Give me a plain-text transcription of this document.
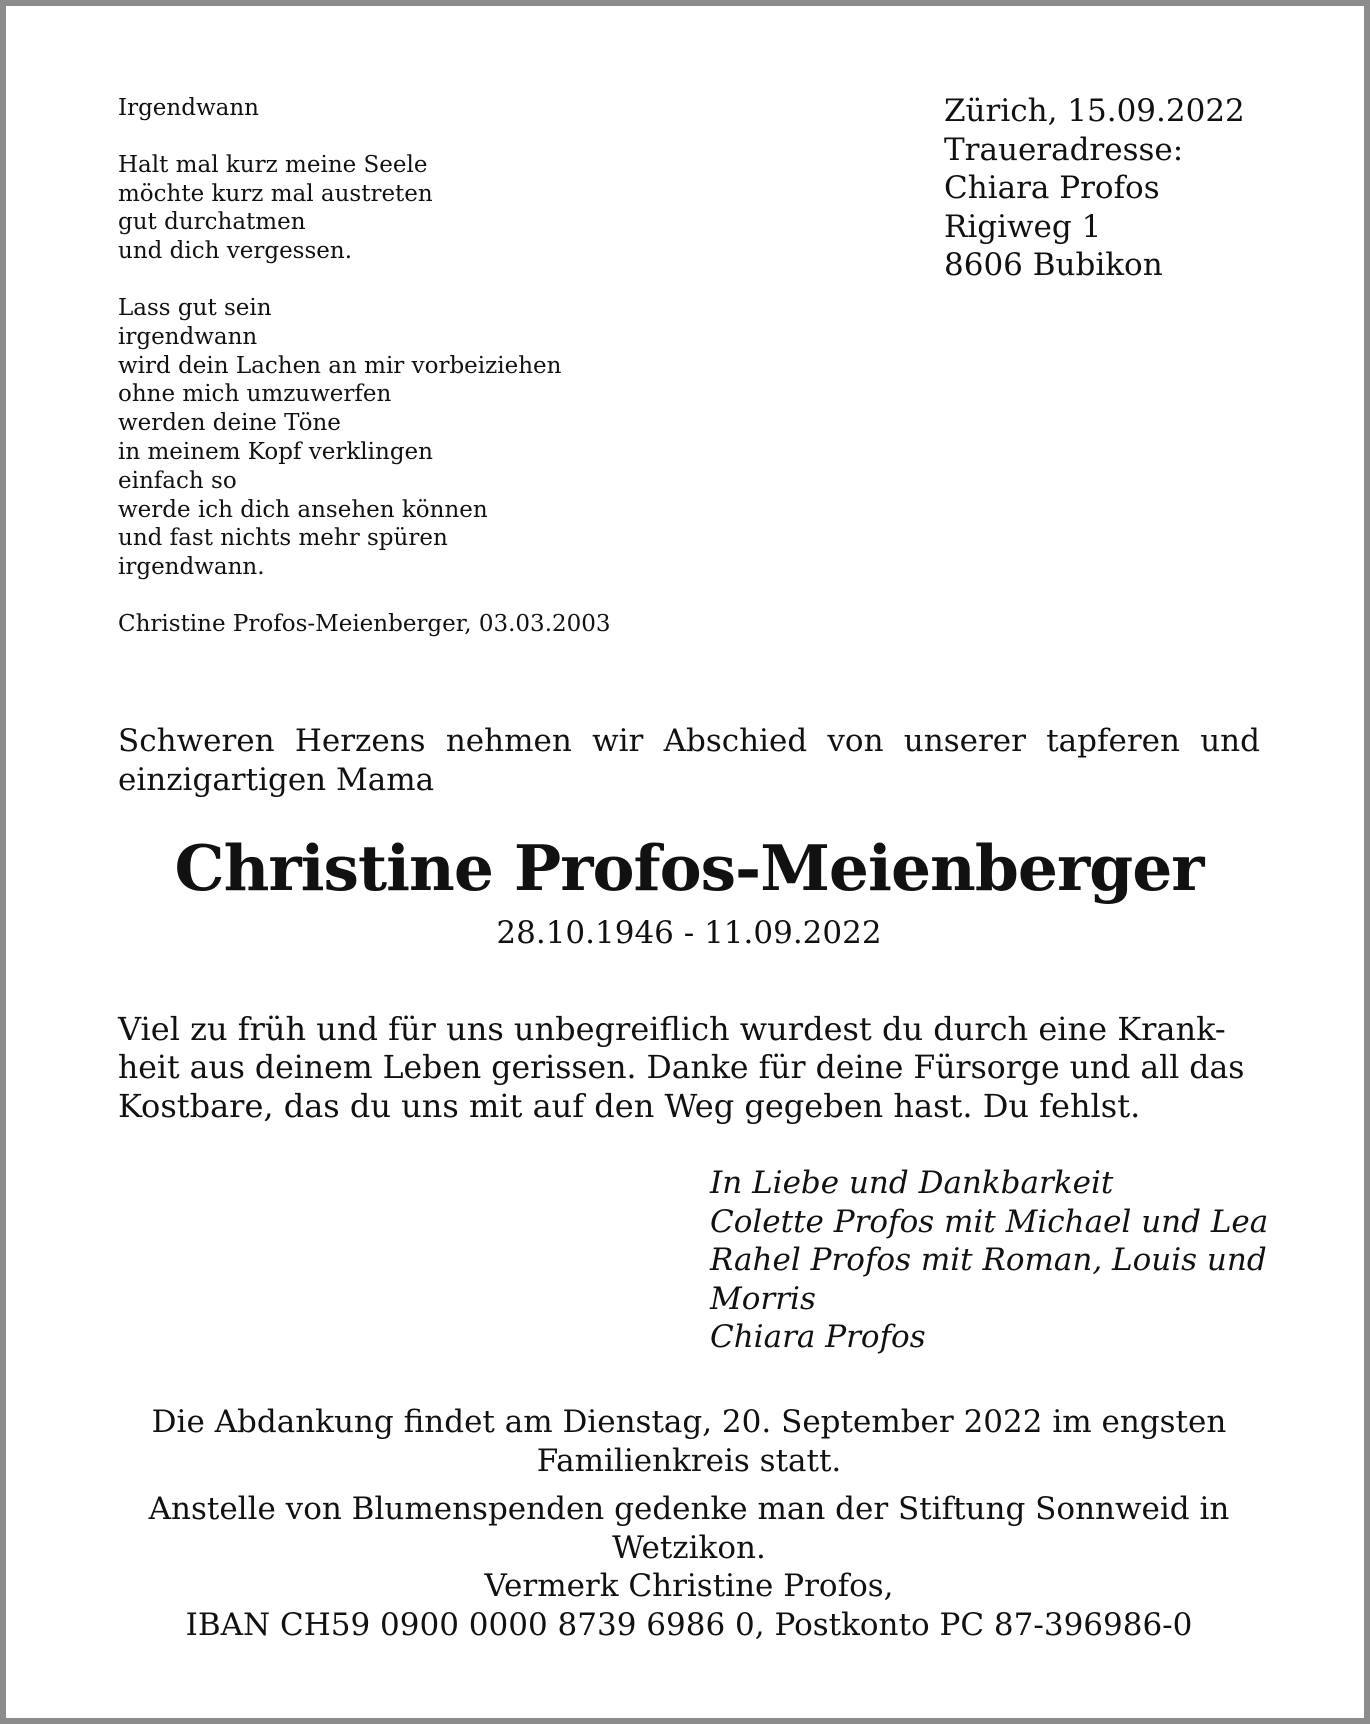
Irgendwann
Halt mal kurz meine Seele
möchte kurz mal austreten
gut durchatmen
und dich vergessen.
Lass gut sein
irgendwann
wird dein Lachen an mir vorbeiziehen
ohne mich umzuwerfen
werden deine Töne
in meinem Kopf verklingen
einfach so
werde ich dich ansehen können
und fast nichts mehr spüren
irgendwann.
Christine Profos-Meienberger, 03.03.2003
Zürich, 15.09.2022
Traueradresse:
Chiara Profos
Rigiweg 1
8606 Bubikon
Schweren Herzens nehmen wir Abschied von unserer tapferen und einzigartigen Mama
Christine Profos-Meienberger
28.10.1946 - 11.09.2022
Viel zu früh und für uns unbegreiflich wurdest du durch eine Krank-
heit aus deinem Leben gerissen. Danke für deine Fürsorge und all das
Kostbare, das du uns mit auf den Weg gegeben hast. Du fehlst.
In Liebe und Dankbarkeit
Colette Profos mit Michael und Lea
Rahel Profos mit Roman, Louis und
Morris
Chiara Profos
Die Abdankung findet am Dienstag, 20. September 2022 im engsten
Familienkreis statt.
Anstelle von Blumenspenden gedenke man der Stiftung Sonnweid in
Wetzikon.
Vermerk Christine Profos,
IBAN CH59 0900 0000 8739 6986 0, Postkonto PC 87-396986-0
